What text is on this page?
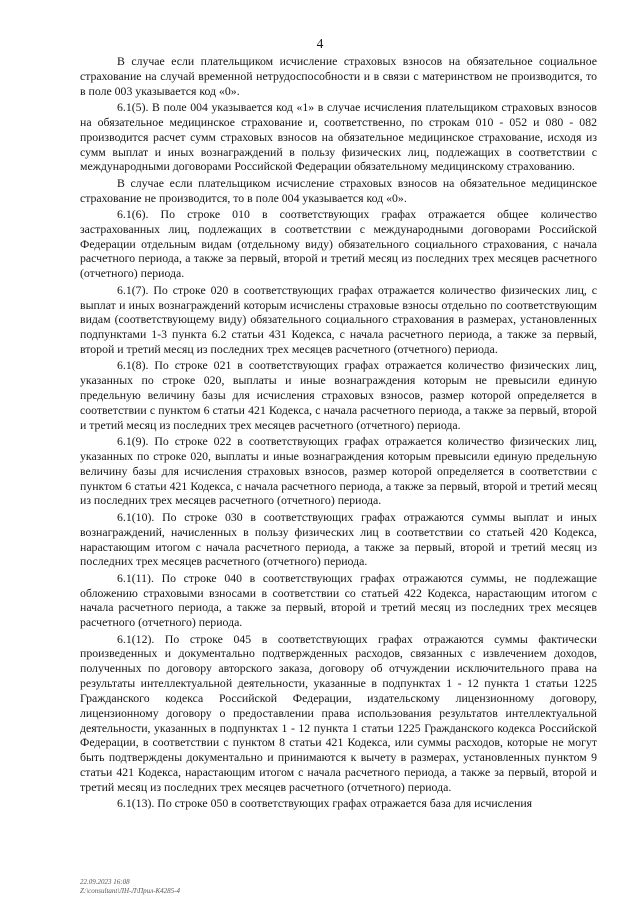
4

В случае если плательщиком исчисление страховых взносов на обязательное социальное страхование на случай временной нетрудоспособности и в связи с материнством не производится, то в поле 003 указывается код «0».

6.1(5). В поле 004 указывается код «1» в случае исчисления плательщиком страховых взносов на обязательное медицинское страхование и, соответственно, по строкам 010 - 052 и 080 - 082 производится расчет сумм страховых взносов на обязательное медицинское страхование, исходя из сумм выплат и иных вознаграждений в пользу физических лиц, подлежащих в соответствии с международными договорами Российской Федерации обязательному медицинскому страхованию.

В случае если плательщиком исчисление страховых взносов на обязательное медицинское страхование не производится, то в поле 004 указывается код «0».

6.1(6). По строке 010 в соответствующих графах отражается общее количество застрахованных лиц, подлежащих в соответствии с международными договорами Российской Федерации отдельным видам (отдельному виду) обязательного социального страхования, с начала расчетного периода, а также за первый, второй и третий месяц из последних трех месяцев расчетного (отчетного) периода.

6.1(7). По строке 020 в соответствующих графах отражается количество физических лиц, с выплат и иных вознаграждений которым исчислены страховые взносы отдельно по соответствующим видам (соответствующему виду) обязательного социального страхования в размерах, установленных подпунктами 1-3 пункта 6.2 статьи 431 Кодекса, с начала расчетного периода, а также за первый, второй и третий месяц из последних трех месяцев расчетного (отчетного) периода.

6.1(8). По строке 021 в соответствующих графах отражается количество физических лиц, указанных по строке 020, выплаты и иные вознаграждения которым не превысили единую предельную величину базы для исчисления страховых взносов, размер которой определяется в соответствии с пунктом 6 статьи 421 Кодекса, с начала расчетного периода, а также за первый, второй и третий месяц из последних трех месяцев расчетного (отчетного) периода.

6.1(9). По строке 022 в соответствующих графах отражается количество физических лиц, указанных по строке 020, выплаты и иные вознаграждения которым превысили единую предельную величину базы для исчисления страховых взносов, размер которой определяется в соответствии с пунктом 6 статьи 421 Кодекса, с начала расчетного периода, а также за первый, второй и третий месяц из последних трех месяцев расчетного (отчетного) периода.

6.1(10). По строке 030 в соответствующих графах отражаются суммы выплат и иных вознаграждений, начисленных в пользу физических лиц в соответствии со статьей 420 Кодекса, нарастающим итогом с начала расчетного периода, а также за первый, второй и третий месяц из последних трех месяцев расчетного (отчетного) периода.

6.1(11). По строке 040 в соответствующих графах отражаются суммы, не подлежащие обложению страховыми взносами в соответствии со статьей 422 Кодекса, нарастающим итогом с начала расчетного периода, а также за первый, второй и третий месяц из последних трех месяцев расчетного (отчетного) периода.

6.1(12). По строке 045 в соответствующих графах отражаются суммы фактически произведенных и документально подтвержденных расходов, связанных с извлечением доходов, полученных по договору авторского заказа, договору об отчуждении исключительного права на результаты интеллектуальной деятельности, указанные в подпунктах 1 - 12 пункта 1 статьи 1225 Гражданского кодекса Российской Федерации, издательскому лицензионному договору, лицензионному договору о предоставлении права использования результатов интеллектуальной деятельности, указанных в подпунктах 1 - 12 пункта 1 статьи 1225 Гражданского кодекса Российской Федерации, в соответствии с пунктом 8 статьи 421 Кодекса, или суммы расходов, которые не могут быть подтверждены документально и принимаются к вычету в размерах, установленных пунктом 9 статьи 421 Кодекса, нарастающим итогом с начала расчетного периода, а также за первый, второй и третий месяц из последних трех месяцев расчетного (отчетного) периода.

6.1(13). По строке 050 в соответствующих графах отражается база для исчисления

22.09.2023 16:08
Z:\consultant\ЛН-Л\Прил-К4285-4
